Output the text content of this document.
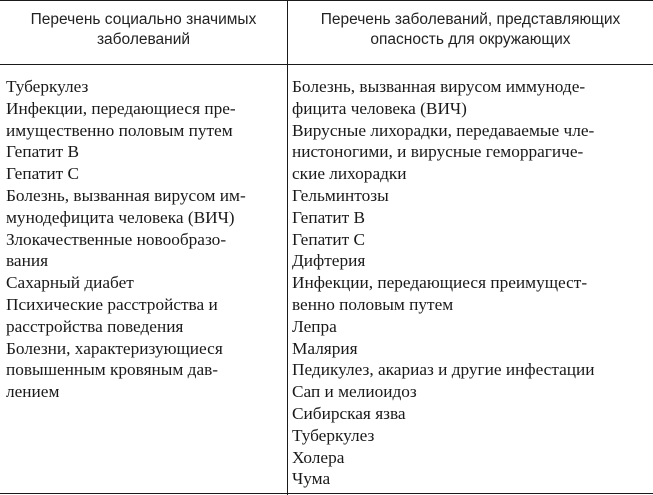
Перечень социально значимых
заболеваний
Перечень заболеваний, представляющих
опасность для окружающих
Туберкулез
Инфекции, передающиеся пре-
имущественно половым путем
Гепатит В
Гепатит С
Болезнь, вызванная вирусом им-
мунодефицита человека (ВИЧ)
Злокачественные новообразо-
вания
Сахарный диабет
Психические расстройства и
расстройства поведения
Болезни, характеризующиеся
повышенным кровяным дав-
лением
Болезнь, вызванная вирусом иммуноде-
фицита человека (ВИЧ)
Вирусные лихорадки, передаваемые чле-
нистоногими, и вирусные геморрагиче-
ские лихорадки
Гельминтозы
Гепатит В
Гепатит С
Дифтерия
Инфекции, передающиеся преимущест-
венно половым путем
Лепра
Малярия
Педикулез, акариаз и другие инфестации
Сап и мелиоидоз
Сибирская язва
Туберкулез
Холера
Чума
